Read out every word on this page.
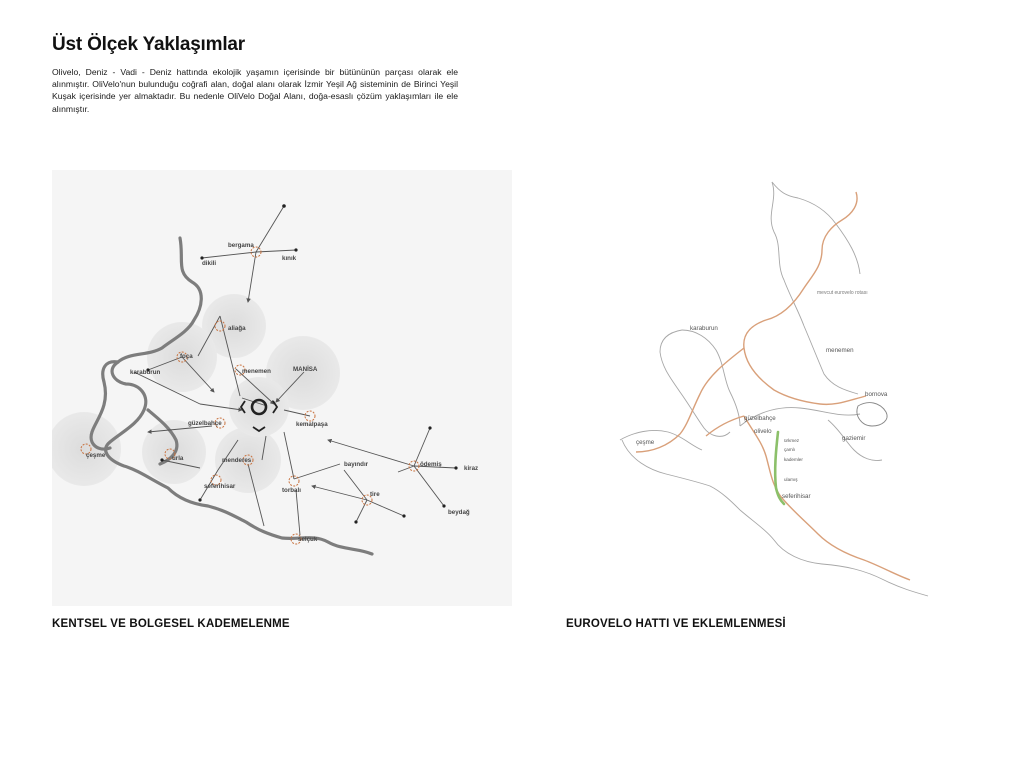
Üst Ölçek Yaklaşımlar

Olivelo, Deniz - Vadi - Deniz hattında ekolojik yaşamın içerisinde bir bütününün parçası olarak ele alınmıştır. OliVelo'nun bulunduğu coğrafi alan, doğal alanı olarak İzmir Yeşil Ağ sisteminin de Birinci Yeşil Kuşak içerisinde yer almaktadır. Bu nedenle OliVelo Doğal Alanı, doğa-esaslı çözüm yaklaşımları ile ele alınmıştır.

bergama
dikili
kınık
aliağa
foça
menemen	MANİSA
karaburun
kemalpaşa
güzelbahçe
çeşme	urla	menderes
seferihisar
ödemiş
kiraz
bayındır
torbalı
tire
beydağ
selçuk

KENTSEL VE BOLGESEL KADEMELENME

mevcut eurovelo rotası
karaburun
menemen
bornova
güzelbahçe
çeşme
olivelo
gaziemir
ürkmez
çamlı
kademler
ulamış
seferihisar

EUROVELO HATTI VE EKLEMLENMESİ
